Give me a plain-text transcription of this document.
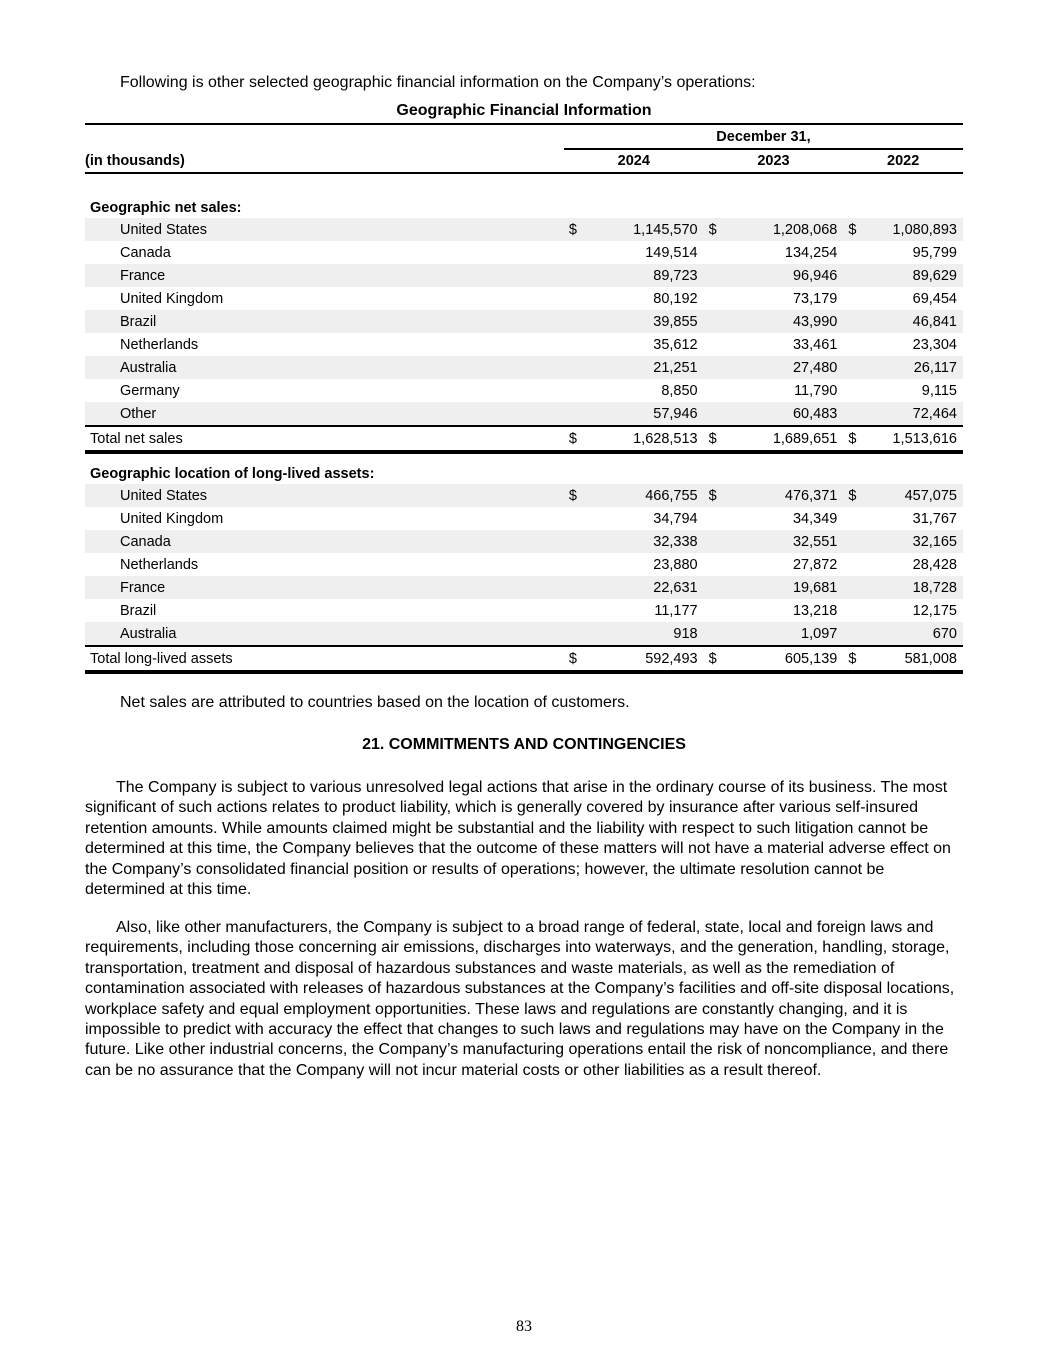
Following is other selected geographic financial information on the Company’s operations:
Geographic Financial Information
	December 31,					
(in thousands)	2024		2023		2022	

Geographic net sales:						
United States	$	1,145,570	$	1,208,068	$	1,080,893
Canada		149,514		134,254		95,799
France		89,723		96,946		89,629
United Kingdom		80,192		73,179		69,454
Brazil		39,855		43,990		46,841
Netherlands		35,612		33,461		23,304
Australia		21,251		27,480		26,117
Germany		8,850		11,790		9,115
Other		57,946		60,483		72,464
Total net sales	$	1,628,513	$	1,689,651	$	1,513,616
Geographic location of long-lived assets:						
United States	$	466,755	$	476,371	$	457,075
United Kingdom		34,794		34,349		31,767
Canada		32,338		32,551		32,165
Netherlands		23,880		27,872		28,428
France		22,631		19,681		18,728
Brazil		11,177		13,218		12,175
Australia		918		1,097		670
Total long-lived assets	$	592,493	$	605,139	$	581,008
Net sales are attributed to countries based on the location of customers.
21. COMMITMENTS AND CONTINGENCIES

The Company is subject to various unresolved legal actions that arise in the ordinary course of its business. The most significant of such actions relates to product liability, which is generally covered by insurance after various self-insured retention amounts. While amounts claimed might be substantial and the liability with respect to such litigation cannot be determined at this time, the Company believes that the outcome of these matters will not have a material adverse effect on the Company’s consolidated financial position or results of operations; however, the ultimate resolution cannot be determined at this time.

Also, like other manufacturers, the Company is subject to a broad range of federal, state, local and foreign laws and requirements, including those concerning air emissions, discharges into waterways, and the generation, handling, storage, transportation, treatment and disposal of hazardous substances and waste materials, as well as the remediation of contamination associated with releases of hazardous substances at the Company’s facilities and off-site disposal locations, workplace safety and equal employment opportunities. These laws and regulations are constantly changing, and it is impossible to predict with accuracy the effect that changes to such laws and regulations may have on the Company in the future. Like other industrial concerns, the Company’s manufacturing operations entail the risk of noncompliance, and there can be no assurance that the Company will not incur material costs or other liabilities as a result thereof.

83
